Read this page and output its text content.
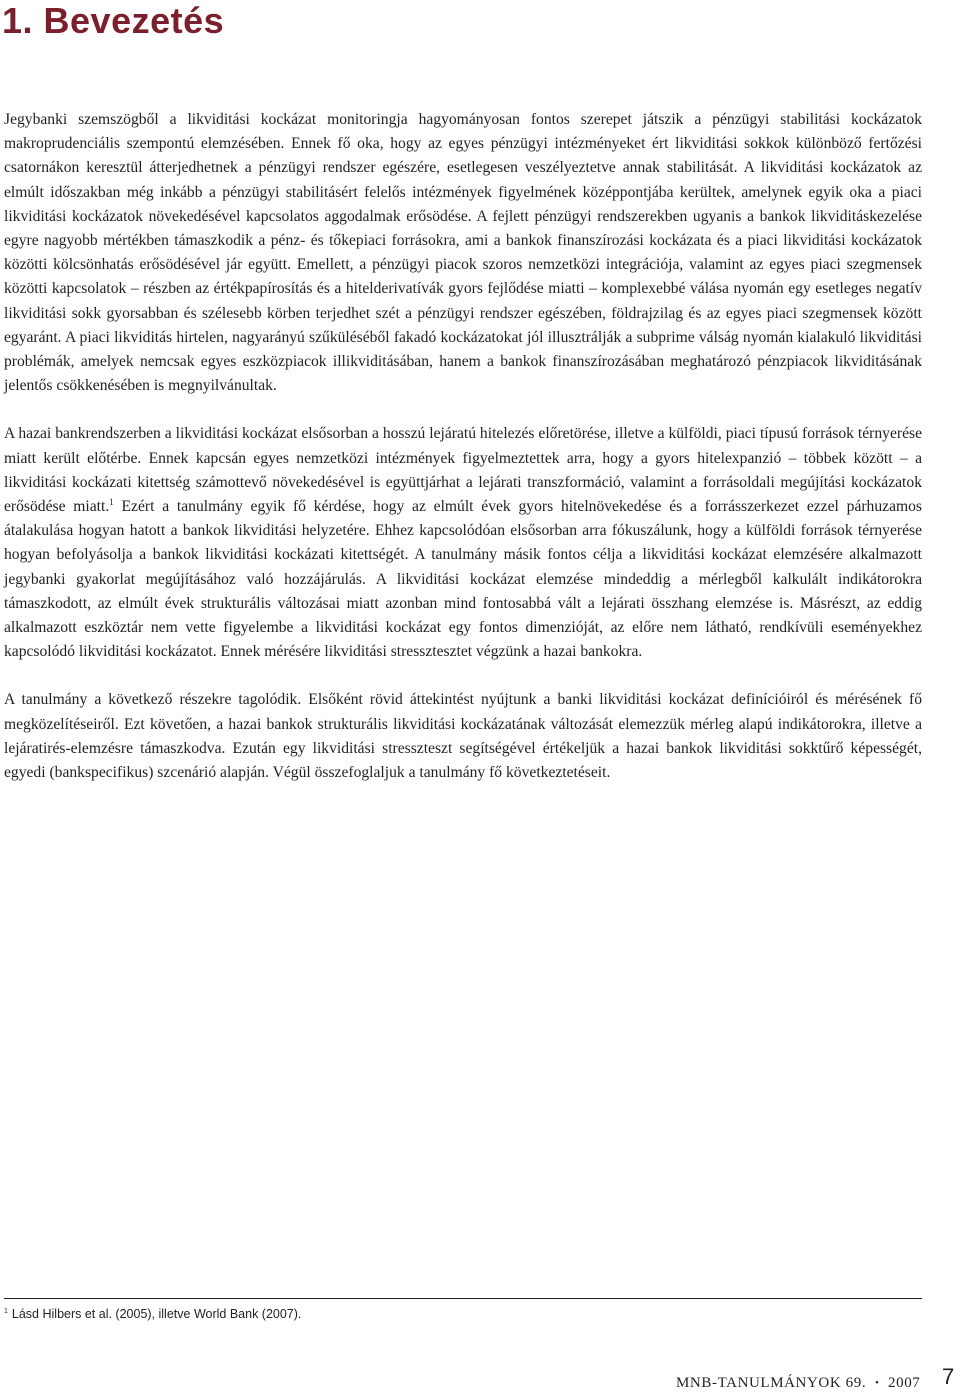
1. Bevezetés

Jegybanki szemszögből a likviditási kockázat monitoringja hagyományosan fontos szerepet játszik a pénzügyi stabilitási kockázatok makroprudenciális szempontú elemzésében. Ennek fő oka, hogy az egyes pénzügyi intézményeket ért likviditási sokkok különböző fertőzési csatornákon keresztül átterjedhetnek a pénzügyi rendszer egészére, esetlegesen veszélyeztetve annak stabilitását. A likviditási kockázatok az elmúlt időszakban még inkább a pénzügyi stabilitásért felelős intézmények figyelmének középpontjába kerültek, amelynek egyik oka a piaci likviditási kockázatok növekedésével kapcsolatos aggodalmak erősödése. A fejlett pénzügyi rendszerekben ugyanis a bankok likviditáskezelése egyre nagyobb mértékben támaszkodik a pénz- és tőkepiaci forrásokra, ami a bankok finanszírozási kockázata és a piaci likviditási kockázatok közötti kölcsönhatás erősödésével jár együtt. Emellett, a pénzügyi piacok szoros nemzetközi integrációja, valamint az egyes piaci szegmensek közötti kapcsolatok – részben az értékpapírosítás és a hitelderivatívák gyors fejlődése miatti – komplexebbé válása nyomán egy esetleges negatív likviditási sokk gyorsabban és szélesebb körben terjedhet szét a pénzügyi rendszer egészében, földrajzilag és az egyes piaci szegmensek között egyaránt. A piaci likviditás hirtelen, nagyarányú szűküléséből fakadó kockázatokat jól illusztrálják a subprime válság nyomán kialakuló likviditási problémák, amelyek nemcsak egyes eszközpiacok illikviditásában, hanem a bankok finanszírozásában meghatározó pénzpiacok likviditásának jelentős csökkenésében is megnyilvánultak.

A hazai bankrendszerben a likviditási kockázat elsősorban a hosszú lejáratú hitelezés előretörése, illetve a külföldi, piaci típusú források térnyerése miatt került előtérbe. Ennek kapcsán egyes nemzetközi intézmények figyelmeztettek arra, hogy a gyors hitelexpanzió – többek között – a likviditási kockázati kitettség számottevő növekedésével is együttjárhat a lejárati transzformáció, valamint a forrásoldali megújítási kockázatok erősödése miatt.$^1$ Ezért a tanulmány egyik fő kérdése, hogy az elmúlt évek gyors hitelnövekedése és a forrásszerkezet ezzel párhuzamos átalakulása hogyan hatott a bankok likviditási helyzetére. Ehhez kapcsolódóan elsősorban arra fókuszálunk, hogy a külföldi források térnyerése hogyan befolyásolja a bankok likviditási kockázati kitettségét. A tanulmány másik fontos célja a likviditási kockázat elemzésére alkalmazott jegybanki gyakorlat megújításához való hozzájárulás. A likviditási kockázat elemzése mindeddig a mérlegből kalkulált indikátorokra támaszkodott, az elmúlt évek strukturális változásai miatt azonban mind fontosabbá vált a lejárati összhang elemzése is. Másrészt, az eddig alkalmazott eszköztár nem vette figyelembe a likviditási kockázat egy fontos dimenzióját, az előre nem látható, rendkívüli eseményekhez kapcsolódó likviditási kockázatot. Ennek mérésére likviditási stressztesztet végzünk a hazai bankokra.

A tanulmány a következő részekre tagolódik. Elsőként rövid áttekintést nyújtunk a banki likviditási kockázat definícióiról és mérésének fő megközelítéseiről. Ezt követően, a hazai bankok strukturális likviditási kockázatának változását elemezzük mérleg alapú indikátorokra, illetve a lejáratirés-elemzésre támaszkodva. Ezután egy likviditási stresszteszt segítségével értékeljük a hazai bankok likviditási sokktűrő képességét, egyedi (bankspecifikus) szcenárió alapján. Végül összefoglaljuk a tanulmány fő következtetéseit.

$^1$ Lásd Hilbers et al. (2005), illetve World Bank (2007).
MNB-TANULMÁNYOK 69. • 2007 7
